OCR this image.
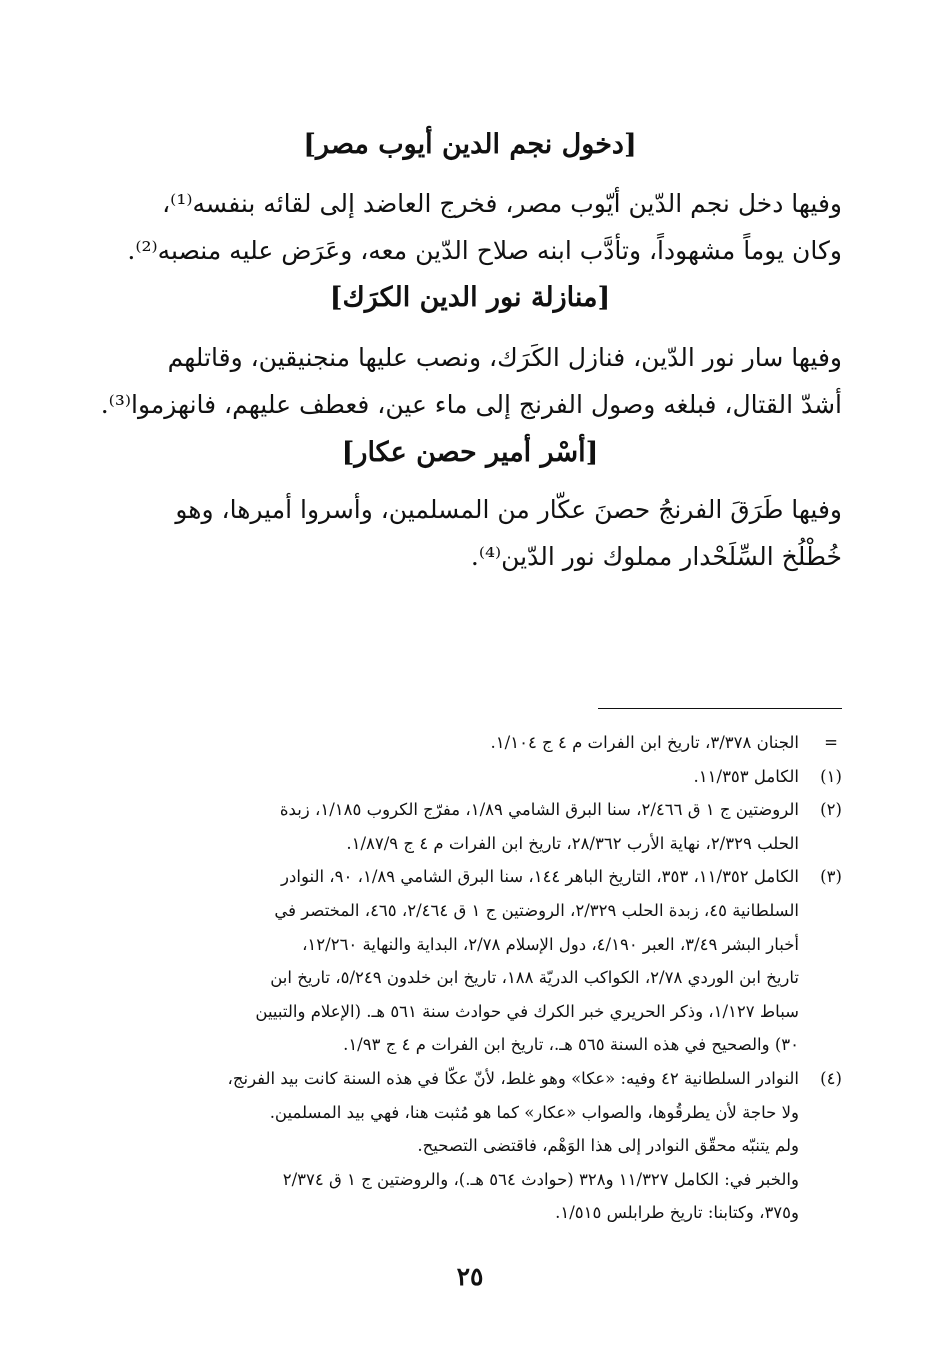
[دخول نجم الدين أيوب مصر]
وفيها دخل نجم الدّين أيّوب مصر، فخرج العاضد إلى لقائه بنفسه⁽¹⁾،
وكان يوماً مشهوداً، وتأدَّب ابنه صلاح الدّين معه، وعَرَض عليه منصبه⁽²⁾.
[منازلة نور الدين الكرَك]
وفيها سار نور الدّين، فنازل الكَرَك، ونصب عليها منجنيقين، وقاتلهم
أشدّ القتال، فبلغه وصول الفرنج إلى ماء عين، فعطف عليهم، فانهزموا⁽³⁾.
[أسْر أمير حصن عكار]
وفيها طَرَقَ الفرنجُ حصنَ عكّار من المسلمين، وأسروا أميرها، وهو
خُطْلُخ السِّلَحْدار مملوك نور الدّين⁽⁴⁾.
=
الجنان ٣/٣٧٨، تاريخ ابن الفرات م ٤ ج ١/١٠٤.
(١)
الكامل ١١/٣٥٣.
(٢)
الروضتين ج ١ ق ٢/٤٦٦، سنا البرق الشامي ١/٨٩، مفرّج الكروب ١/١٨٥، زبدة
الحلب ٢/٣٢٩، نهاية الأرب ٢٨/٣٦٢، تاريخ ابن الفرات م ٤ ج ١/٨٧/٩.
(٣)
الكامل ١١/٣٥٢، ٣٥٣، التاريخ الباهر ١٤٤، سنا البرق الشامي ١/٨٩، ٩٠، النوادر
السلطانية ٤٥، زبدة الحلب ٢/٣٢٩، الروضتين ج ١ ق ٢/٤٦٤، ٤٦٥، المختصر في
أخبار البشر ٣/٤٩، العبر ٤/١٩٠، دول الإسلام ٢/٧٨، البداية والنهاية ١٢/٢٦٠،
تاريخ ابن الوردي ٢/٧٨، الكواكب الدريّة ١٨٨، تاريخ ابن خلدون ٥/٢٤٩، تاريخ ابن
سباط ١/١٢٧، وذكر الحريري خبر الكرك في حوادث سنة ٥٦١ هـ. (الإعلام والتبيين
٣٠) والصحيح في هذه السنة ٥٦٥ هـ.، تاريخ ابن الفرات م ٤ ج ١/٩٣.
(٤)
النوادر السلطانية ٤٢ وفيه: «عكا» وهو غلط، لأنّ عكّا في هذه السنة كانت بيد الفرنج،
ولا حاجة لأن يطرقُوها، والصواب «عكار» كما هو مُثبت هنا، فهي بيد المسلمين.
ولم يتنبّه محقّق النوادر إلى هذا الوَهْم، فاقتضى التصحيح.
والخبر في: الكامل ١١/٣٢٧ و٣٢٨ (حوادث ٥٦٤ هـ.)، والروضتين ج ١ ق ٢/٣٧٤
و٣٧٥، وكتابنا: تاريخ طرابلس ١/٥١٥.
٢٥
